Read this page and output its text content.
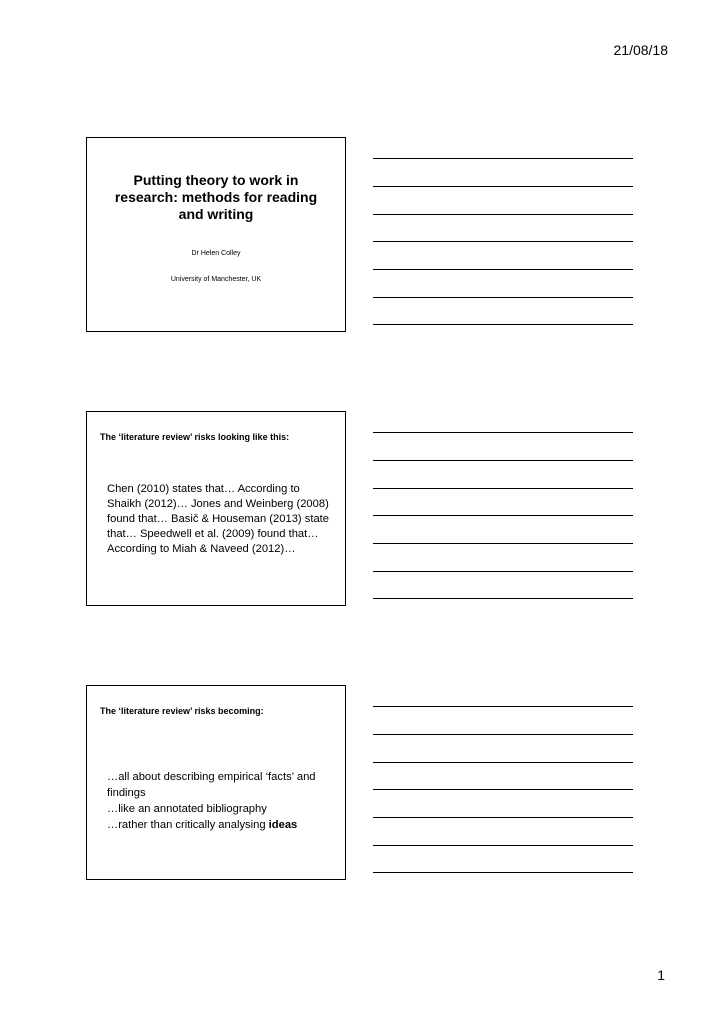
21/08/18
Putting theory to work in research: methods for reading and writing
Dr Helen Colley
University of Manchester, UK
The ‘literature review’ risks looking like this:
Chen (2010) states that… According to Shaikh (2012)… Jones and Weinberg (2008) found that… Basič & Houseman (2013) state that… Speedwell et al. (2009) found that… According to Miah & Naveed (2012)…
The ‘literature review’ risks becoming:
…all about describing empirical ‘facts’ and findings
…like an annotated bibliography
…rather than critically analysing ideas
1
